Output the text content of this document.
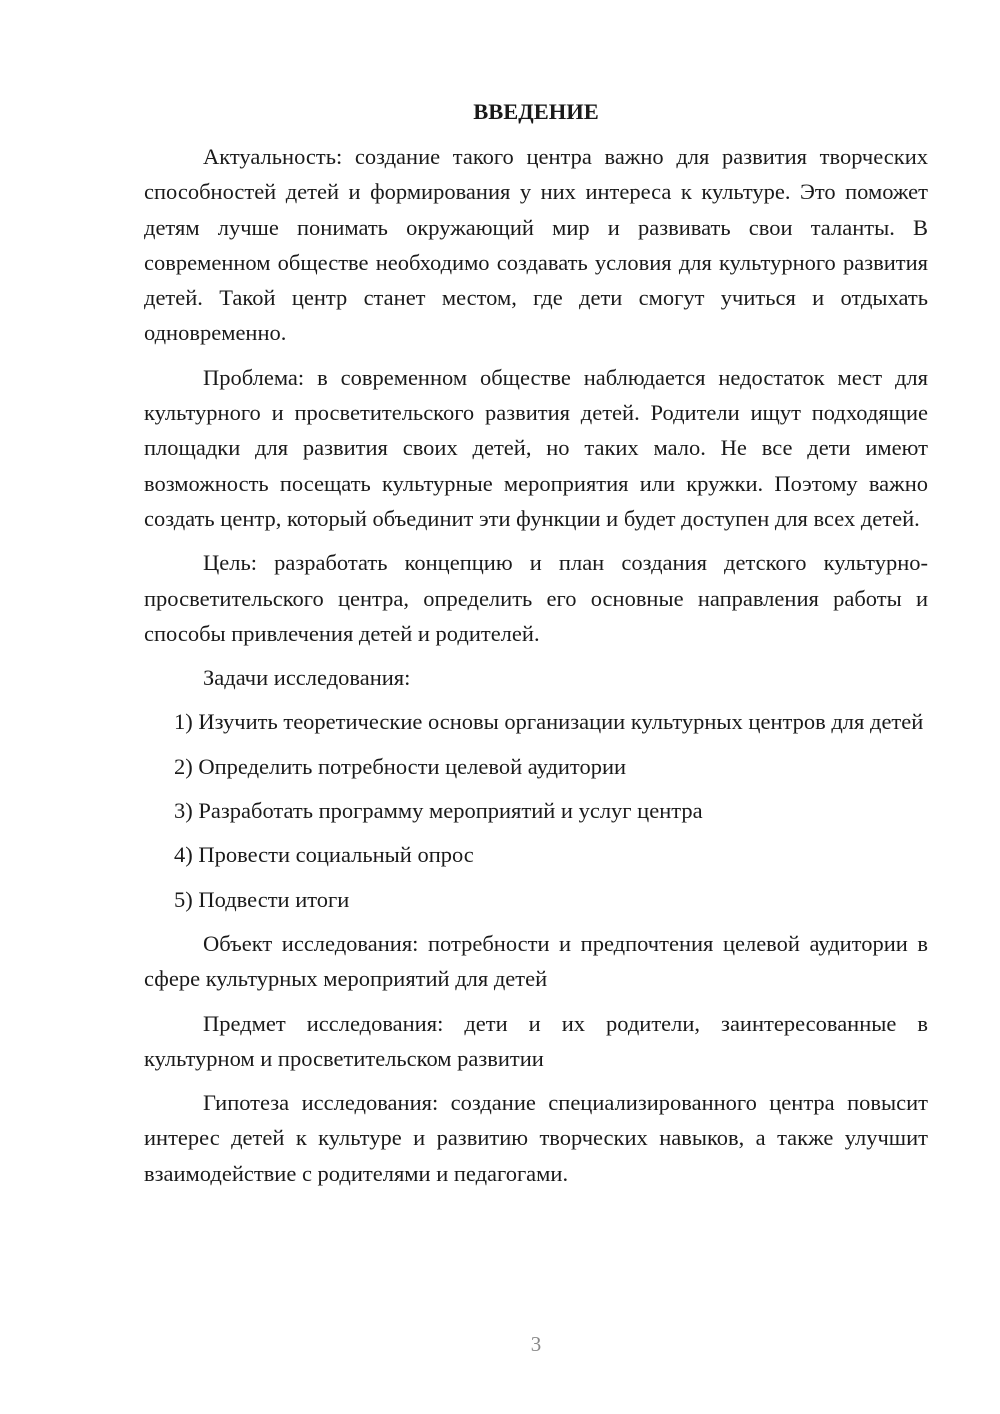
ВВЕДЕНИЕ

Актуальность: создание такого центра важно для развития творческих способностей детей и формирования у них интереса к культуре. Это поможет детям лучше понимать окружающий мир и развивать свои таланты. В современном обществе необходимо создавать условия для культурного развития детей. Такой центр станет местом, где дети смогут учиться и отдыхать одновременно.

Проблема: в современном обществе наблюдается недостаток мест для культурного и просветительского развития детей. Родители ищут подходящие площадки для развития своих детей, но таких мало. Не все дети имеют возможность посещать культурные мероприятия или кружки. Поэтому важно создать центр, который объединит эти функции и будет доступен для всех детей.

Цель: разработать концепцию и план создания детского культурно-просветительского центра, определить его основные направления работы и способы привлечения детей и родителей.

Задачи исследования:

1) Изучить теоретические основы организации культурных центров для детей

2) Определить потребности целевой аудитории

3) Разработать программу мероприятий и услуг центра

4) Провести социальный опрос

5) Подвести итоги

Объект исследования: потребности и предпочтения целевой аудитории в сфере культурных мероприятий для детей

Предмет исследования: дети и их родители, заинтересованные в культурном и просветительском развитии

Гипотеза исследования: создание специализированного центра повысит интерес детей к культуре и развитию творческих навыков, а также улучшит взаимодействие с родителями и педагогами.

3
